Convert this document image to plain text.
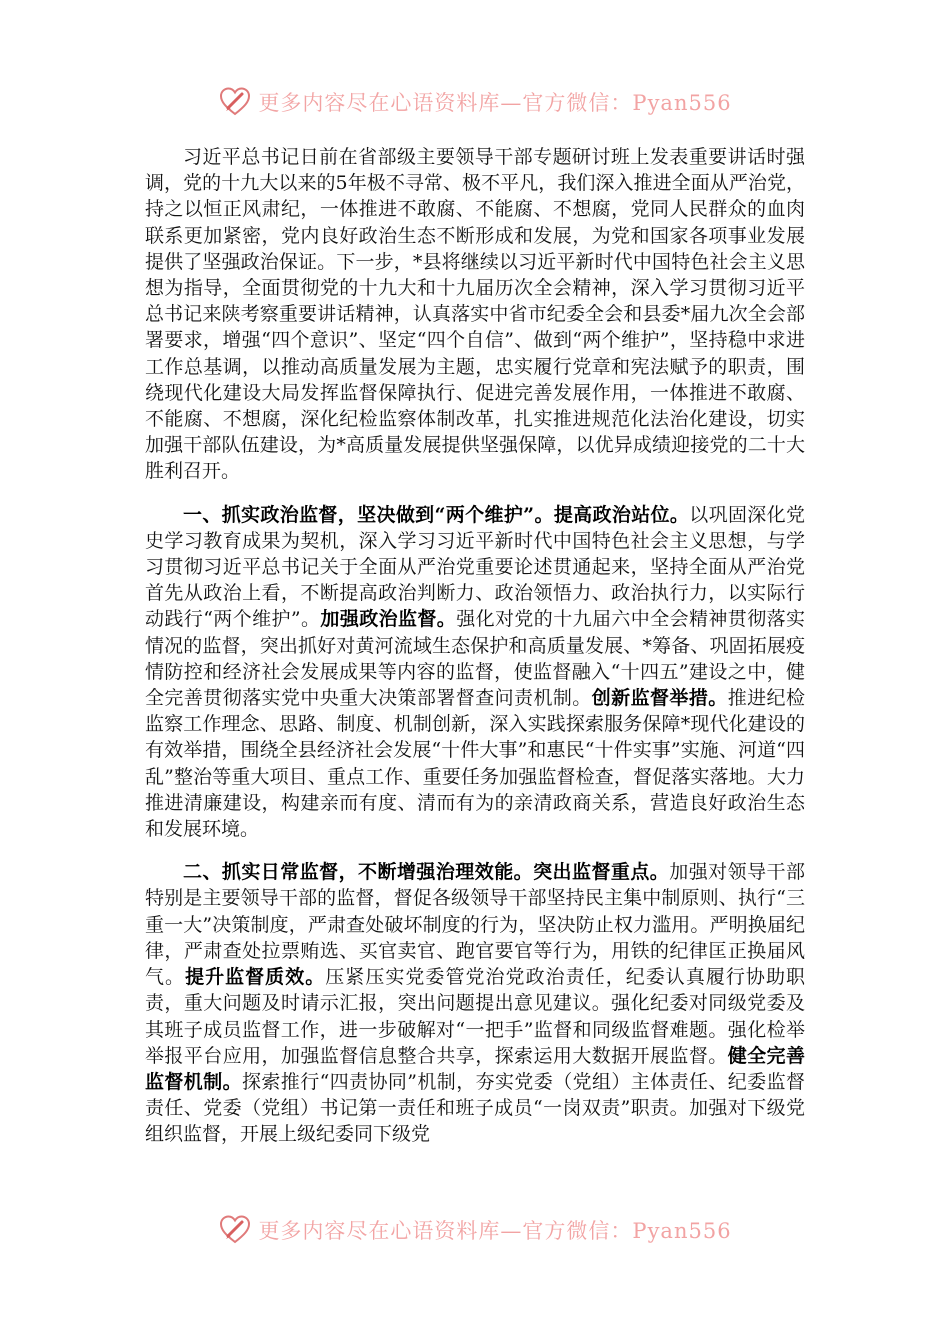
更多内容尽在心语资料库—官方微信：Pyan556

习近平总书记日前在省部级主要领导干部专题研讨班上发表重要讲话时强调，党的十九大以来的5年极不寻常、极不平凡，我们深入推进全面从严治党，持之以恒正风肃纪，一体推进不敢腐、不能腐、不想腐，党同人民群众的血肉联系更加紧密，党内良好政治生态不断形成和发展，为党和国家各项事业发展提供了坚强政治保证。下一步，*县将继续以习近平新时代中国特色社会主义思想为指导，全面贯彻党的十九大和十九届历次全会精神，深入学习贯彻习近平总书记来陕考察重要讲话精神，认真落实中省市纪委全会和县委*届九次全会部署要求，增强“四个意识”、坚定“四个自信”、做到“两个维护”，坚持稳中求进工作总基调，以推动高质量发展为主题，忠实履行党章和宪法赋予的职责，围绕现代化建设大局发挥监督保障执行、促进完善发展作用，一体推进不敢腐、不能腐、不想腐，深化纪检监察体制改革，扎实推进规范化法治化建设，切实加强干部队伍建设，为*高质量发展提供坚强保障，以优异成绩迎接党的二十大胜利召开。

一、抓实政治监督，坚决做到“两个维护”。提高政治站位。以巩固深化党史学习教育成果为契机，深入学习习近平新时代中国特色社会主义思想，与学习贯彻习近平总书记关于全面从严治党重要论述贯通起来，坚持全面从严治党首先从政治上看，不断提高政治判断力、政治领悟力、政治执行力，以实际行动践行“两个维护”。加强政治监督。强化对党的十九届六中全会精神贯彻落实情况的监督，突出抓好对黄河流域生态保护和高质量发展、*筹备、巩固拓展疫情防控和经济社会发展成果等内容的监督，使监督融入“十四五”建设之中，健全完善贯彻落实党中央重大决策部署督查问责机制。创新监督举措。推进纪检监察工作理念、思路、制度、机制创新，深入实践探索服务保障*现代化建设的有效举措，围绕全县经济社会发展“十件大事”和惠民“十件实事”实施、河道“四乱”整治等重大项目、重点工作、重要任务加强监督检查，督促落实落地。大力推进清廉建设，构建亲而有度、清而有为的亲清政商关系，营造良好政治生态和发展环境。

二、抓实日常监督，不断增强治理效能。突出监督重点。加强对领导干部特别是主要领导干部的监督，督促各级领导干部坚持民主集中制原则、执行“三重一大”决策制度，严肃查处破坏制度的行为，坚决防止权力滥用。严明换届纪律，严肃查处拉票贿选、买官卖官、跑官要官等行为，用铁的纪律匡正换届风气。提升监督质效。压紧压实党委管党治党政治责任，纪委认真履行协助职责，重大问题及时请示汇报，突出问题提出意见建议。强化纪委对同级党委及其班子成员监督工作，进一步破解对“一把手”监督和同级监督难题。强化检举举报平台应用，加强监督信息整合共享，探索运用大数据开展监督。健全完善监督机制。探索推行“四责协同”机制，夯实党委（党组）主体责任、纪委监督责任、党委（党组）书记第一责任和班子成员“一岗双责”职责。加强对下级党组织监督，开展上级纪委同下级党

更多内容尽在心语资料库—官方微信：Pyan556
